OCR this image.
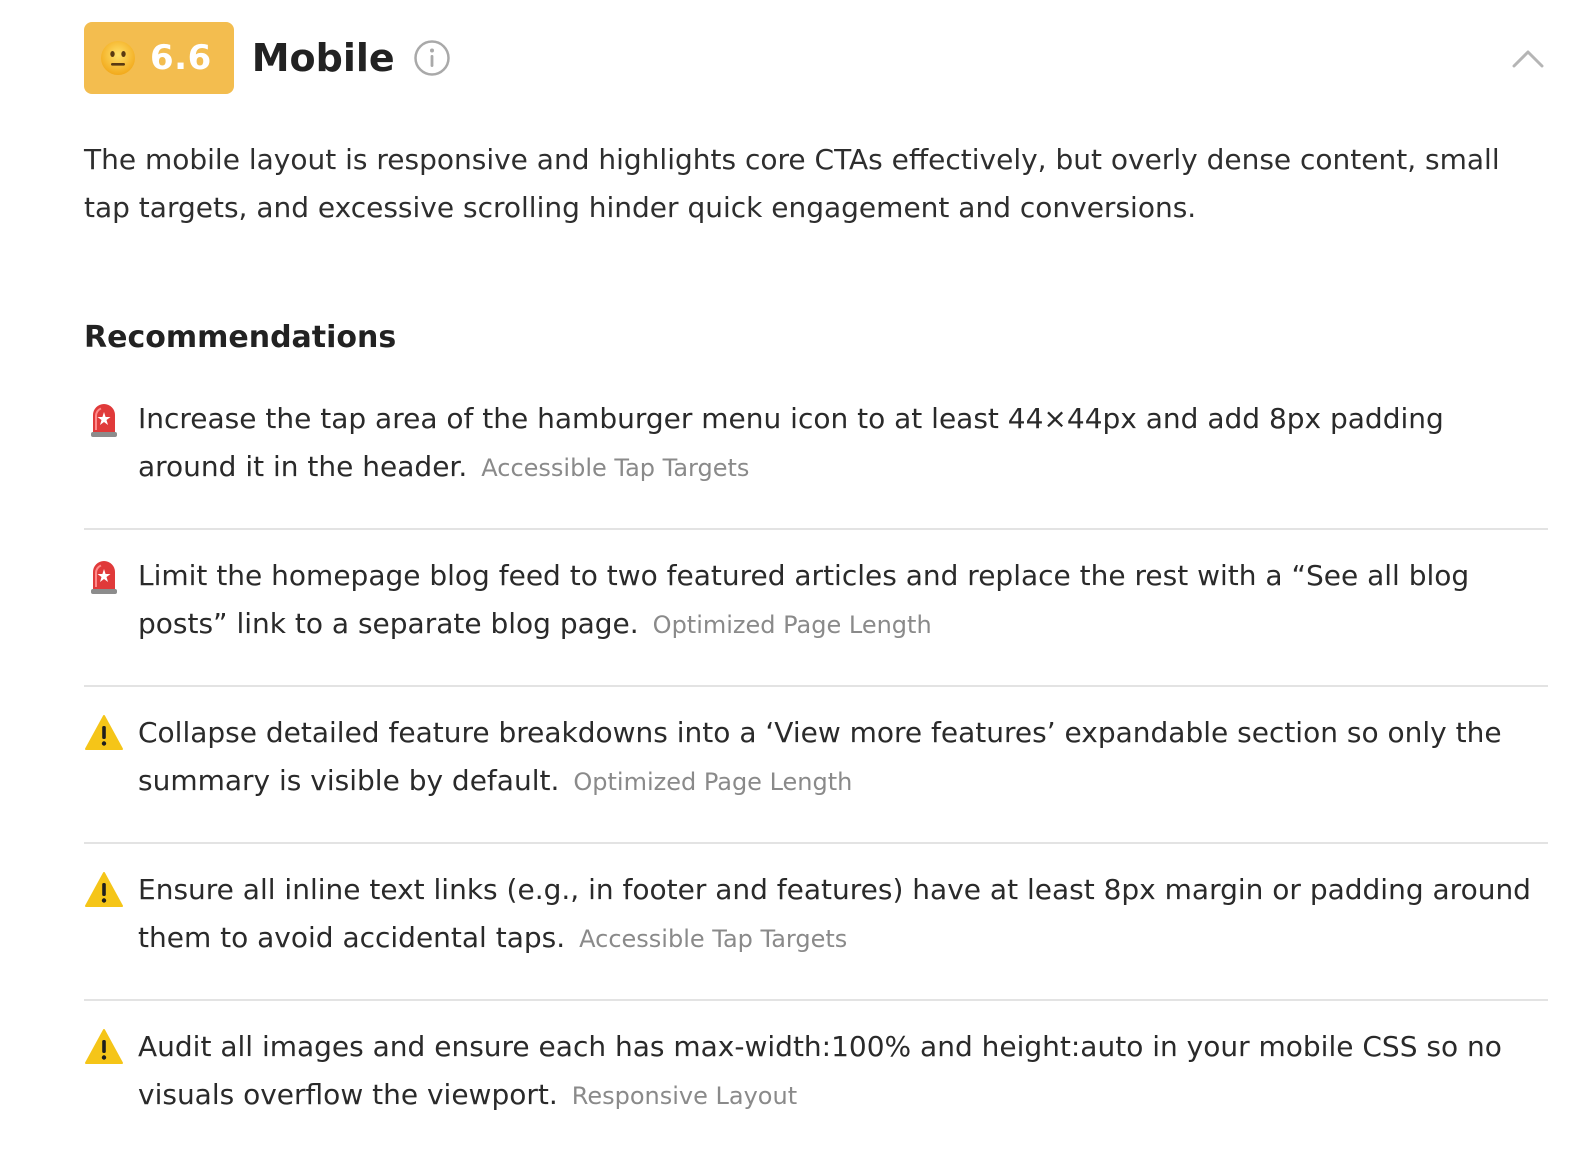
6.6 Mobile

The mobile layout is responsive and highlights core CTAs effectively, but overly dense content, small tap targets, and excessive scrolling hinder quick engagement and conversions.

Recommendations
Increase the tap area of the hamburger menu icon to at least 44×44px and add 8px padding around it in the header. Accessible Tap Targets
Limit the homepage blog feed to two featured articles and replace the rest with a “See all blog posts” link to a separate blog page. Optimized Page Length
Collapse detailed feature breakdowns into a ‘View more features’ expandable section so only the summary is visible by default. Optimized Page Length
Ensure all inline text links (e.g., in footer and features) have at least 8px margin or padding around them to avoid accidental taps. Accessible Tap Targets
Audit all images and ensure each has max-width:100% and height:auto in your mobile CSS so no visuals overflow the viewport. Responsive Layout
